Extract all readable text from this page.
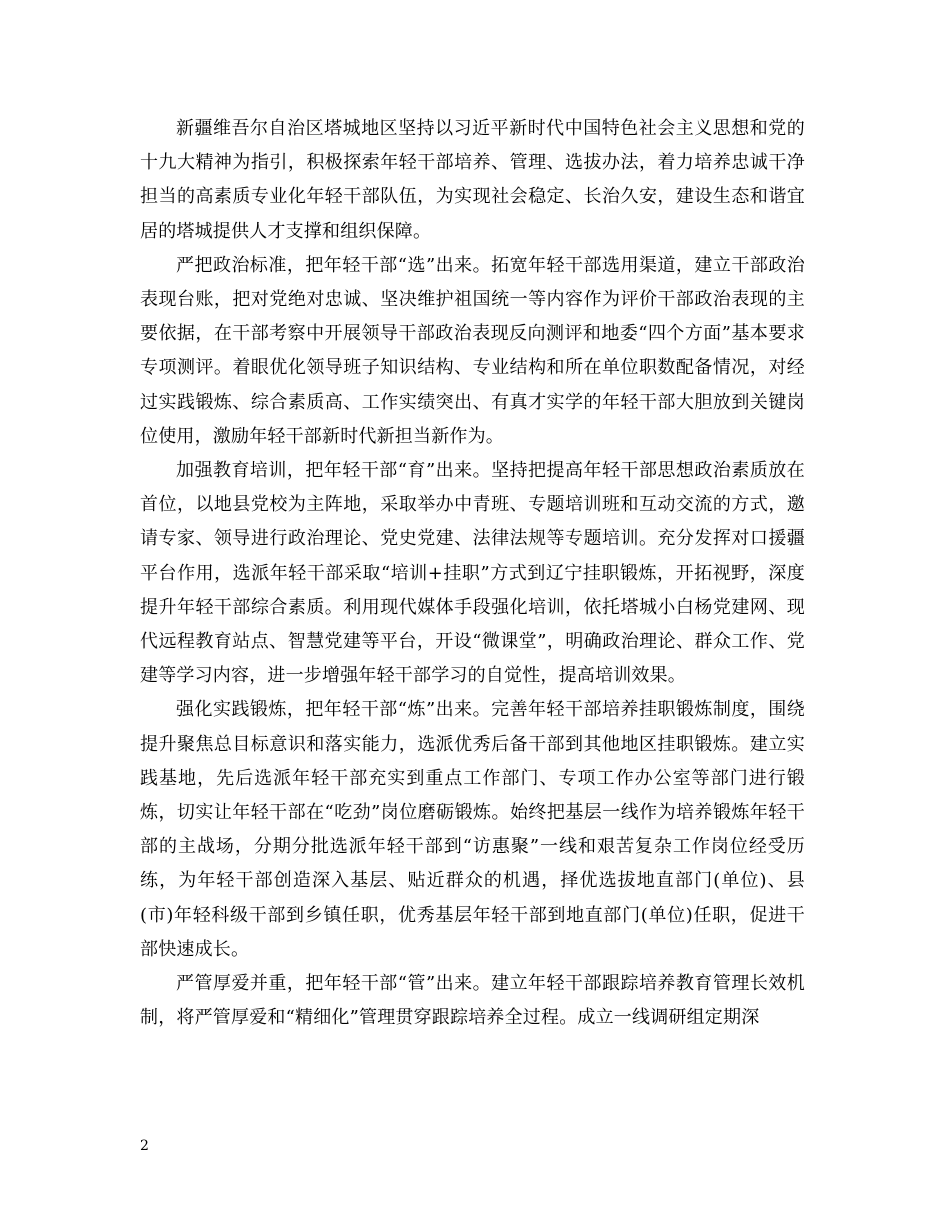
新疆维吾尔自治区塔城地区坚持以习近平新时代中国特色社会主义思想和党的十九大精神为指引，积极探索年轻干部培养、管理、选拔办法，着力培养忠诚干净担当的高素质专业化年轻干部队伍，为实现社会稳定、长治久安，建设生态和谐宜居的塔城提供人才支撑和组织保障。

严把政治标准，把年轻干部“选”出来。拓宽年轻干部选用渠道，建立干部政治表现台账，把对党绝对忠诚、坚决维护祖国统一等内容作为评价干部政治表现的主要依据，在干部考察中开展领导干部政治表现反向测评和地委“四个方面”基本要求专项测评。着眼优化领导班子知识结构、专业结构和所在单位职数配备情况，对经过实践锻炼、综合素质高、工作实绩突出、有真才实学的年轻干部大胆放到关键岗位使用，激励年轻干部新时代新担当新作为。

加强教育培训，把年轻干部“育”出来。坚持把提高年轻干部思想政治素质放在首位，以地县党校为主阵地，采取举办中青班、专题培训班和互动交流的方式，邀请专家、领导进行政治理论、党史党建、法律法规等专题培训。充分发挥对口援疆平台作用，选派年轻干部采取“培训+挂职”方式到辽宁挂职锻炼，开拓视野，深度提升年轻干部综合素质。利用现代媒体手段强化培训，依托塔城小白杨党建网、现代远程教育站点、智慧党建等平台，开设“微课堂”，明确政治理论、群众工作、党建等学习内容，进一步增强年轻干部学习的自觉性，提高培训效果。

强化实践锻炼，把年轻干部“炼”出来。完善年轻干部培养挂职锻炼制度，围绕提升聚焦总目标意识和落实能力，选派优秀后备干部到其他地区挂职锻炼。建立实践基地，先后选派年轻干部充实到重点工作部门、专项工作办公室等部门进行锻炼，切实让年轻干部在“吃劲”岗位磨砺锻炼。始终把基层一线作为培养锻炼年轻干部的主战场，分期分批选派年轻干部到“访惠聚”一线和艰苦复杂工作岗位经受历练，为年轻干部创造深入基层、贴近群众的机遇，择优选拔地直部门(单位)、县(市)年轻科级干部到乡镇任职，优秀基层年轻干部到地直部门(单位)任职，促进干部快速成长。

严管厚爱并重，把年轻干部“管”出来。建立年轻干部跟踪培养教育管理长效机制，将严管厚爱和“精细化”管理贯穿跟踪培养全过程。成立一线调研组定期深

2
